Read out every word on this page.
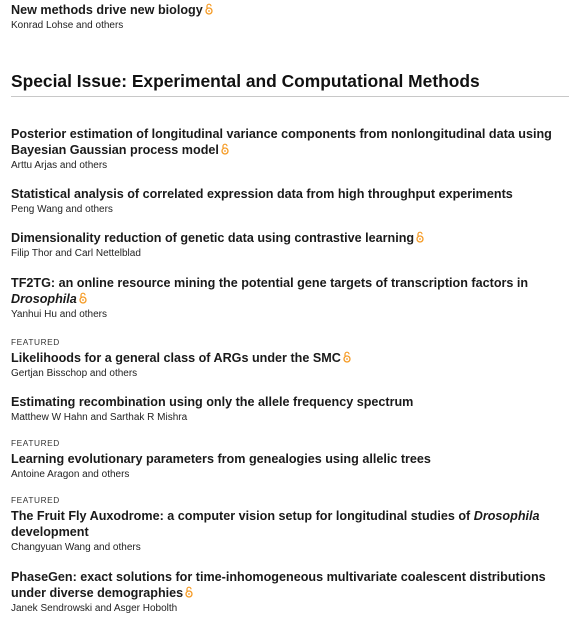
New methods drive new biology
Konrad Lohse and others
Special Issue: Experimental and Computational Methods
Posterior estimation of longitudinal variance components from nonlongitudinal data using
Bayesian Gaussian process model
Arttu Arjas and others
Statistical analysis of correlated expression data from high throughput experiments
Peng Wang and others
Dimensionality reduction of genetic data using contrastive learning
Filip Thor and Carl Nettelblad
TF2TG: an online resource mining the potential gene targets of transcription factors in
Drosophila
Yanhui Hu and others
FEATURED
Likelihoods for a general class of ARGs under the SMC
Gertjan Bisschop and others
Estimating recombination using only the allele frequency spectrum
Matthew W Hahn and Sarthak R Mishra
FEATURED
Learning evolutionary parameters from genealogies using allelic trees
Antoine Aragon and others
FEATURED
The Fruit Fly Auxodrome: a computer vision setup for longitudinal studies of Drosophila
development
Changyuan Wang and others
PhaseGen: exact solutions for time-inhomogeneous multivariate coalescent distributions
under diverse demographies
Janek Sendrowski and Asger Hobolth
